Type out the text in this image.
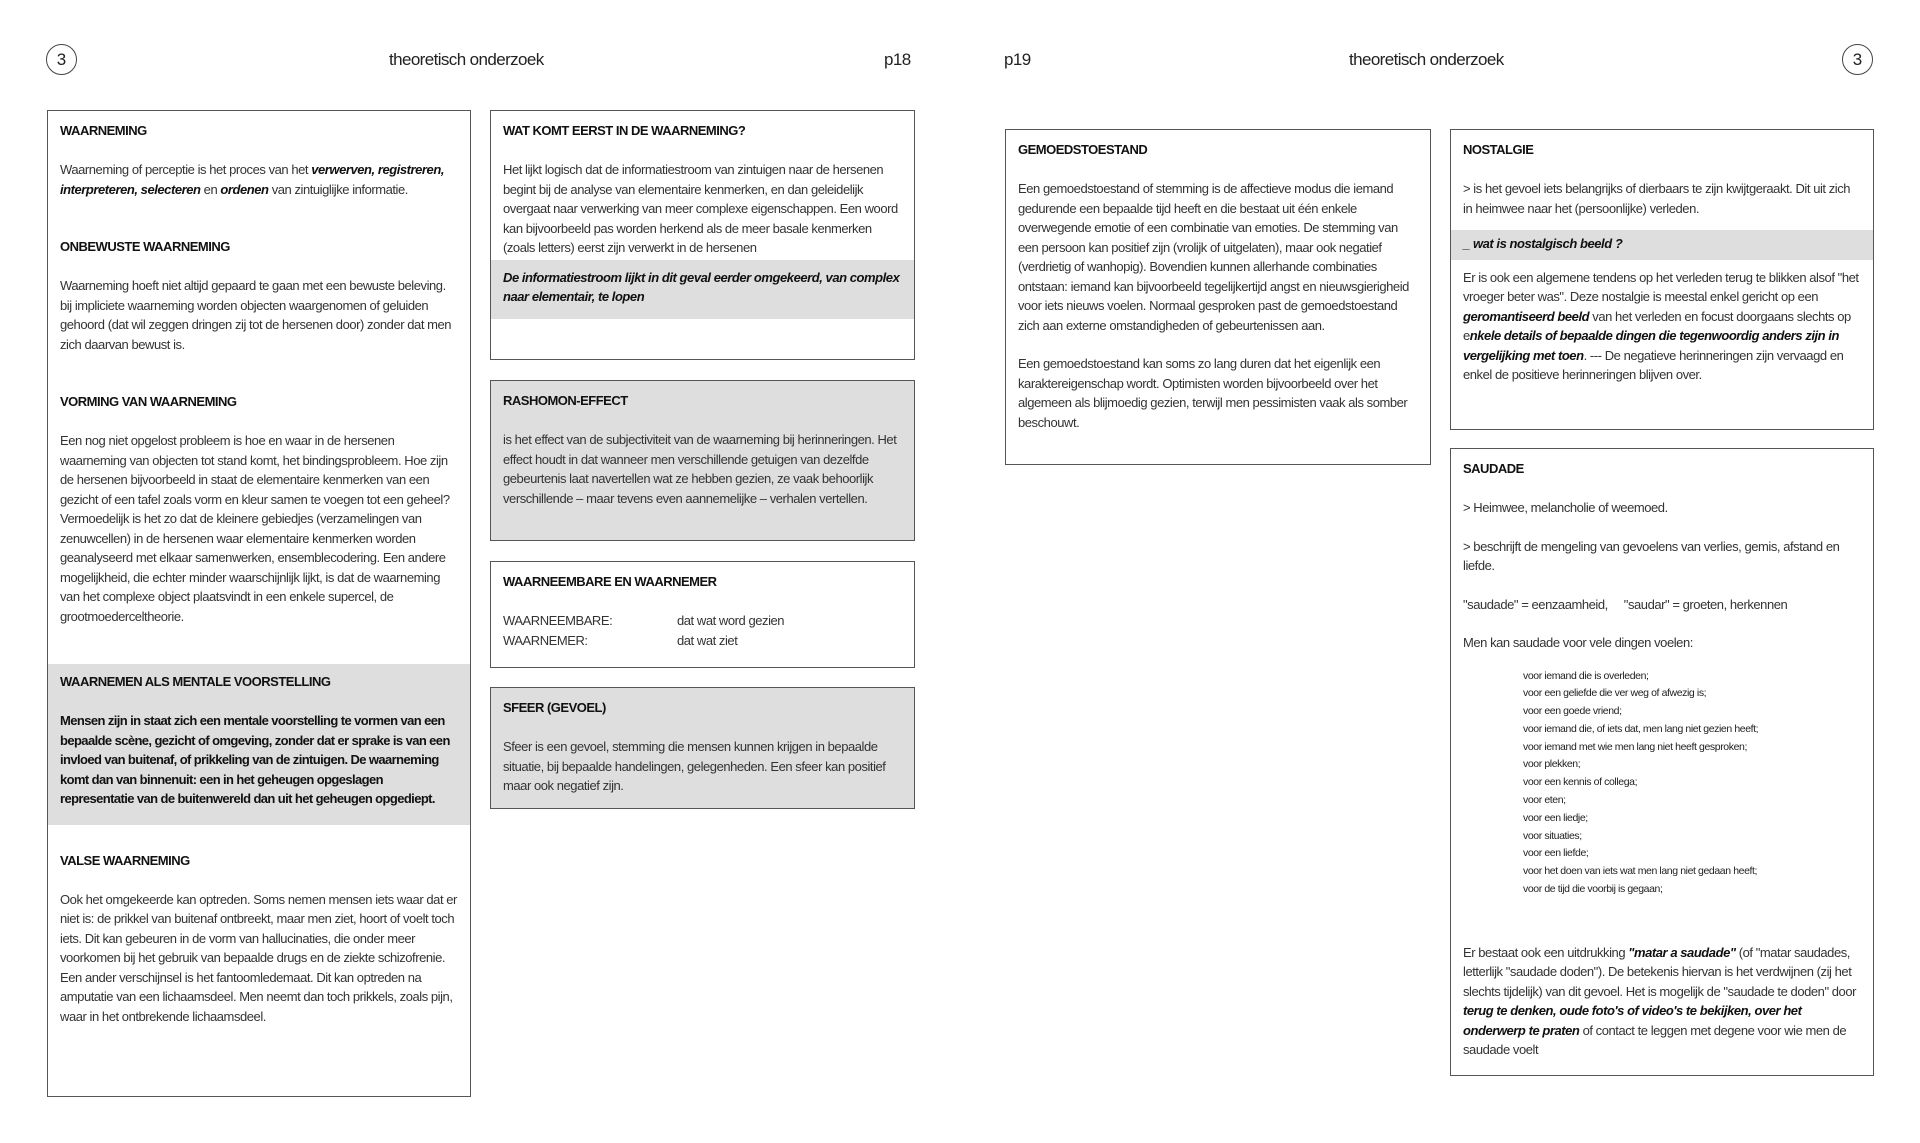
3	theoretisch onderzoek	p18	p19	theoretisch onderzoek	3
WAARNEMING

Waarneming of perceptie is het proces van het verwerven, registreren, interpreteren, selecteren en ordenen van zintuiglijke informatie.

ONBEWUSTE WAARNEMING

Waarneming hoeft niet altijd gepaard te gaan met een bewuste beleving. bij impliciete waarneming worden objecten waargenomen of geluiden gehoord (dat wil zeggen dringen zij tot de hersenen door) zonder dat men zich daarvan bewust is.

VORMING VAN WAARNEMING

Een nog niet opgelost probleem is hoe en waar in de hersenen waarneming van objecten tot stand komt, het bindingsprobleem. Hoe zijn de hersenen bijvoorbeeld in staat de elementaire kenmerken van een gezicht of een tafel zoals vorm en kleur samen te voegen tot een geheel? Vermoedelijk is het zo dat de kleinere gebiedjes (verzamelingen van zenuwcellen) in de hersenen waar elementaire kenmerken worden geanalyseerd met elkaar samenwerken, ensemblecodering. Een andere mogelijkheid, die echter minder waarschijnlijk lijkt, is dat de waarneming van het complexe object plaatsvindt in een enkele supercel, de grootmoederceltheorie.

WAARNEMEN ALS MENTALE VOORSTELLING

Mensen zijn in staat zich een mentale voorstelling te vormen van een bepaalde scène, gezicht of omgeving, zonder dat er sprake is van een invloed van buitenaf, of prikkeling van de zintuigen. De waarneming komt dan van binnenuit: een in het geheugen opgeslagen representatie van de buitenwereld dan uit het geheugen opgediept.

VALSE WAARNEMING

Ook het omgekeerde kan optreden. Soms nemen mensen iets waar dat er niet is: de prikkel van buitenaf ontbreekt, maar men ziet, hoort of voelt toch iets. Dit kan gebeuren in de vorm van hallucinaties, die onder meer voorkomen bij het gebruik van bepaalde drugs en de ziekte schizofrenie. Een ander verschijnsel is het fantoomledemaat. Dit kan optreden na amputatie van een lichaamsdeel. Men neemt dan toch prikkels, zoals pijn, waar in het ontbrekende lichaamsdeel.

WAT KOMT EERST IN DE WAARNEMING?

Het lijkt logisch dat de informatiestroom van zintuigen naar de hersenen begint bij de analyse van elementaire kenmerken, en dan geleidelijk overgaat naar verwerking van meer complexe eigenschappen. Een woord kan bijvoorbeeld pas worden herkend als de meer basale kenmerken (zoals letters) eerst zijn verwerkt in de hersenen

De informatiestroom lijkt in dit geval eerder omgekeerd, van complex naar elementair, te lopen

RASHOMON-EFFECT

is het effect van de subjectiviteit van de waarneming bij herinneringen. Het effect houdt in dat wanneer men verschillende getuigen van dezelfde gebeurtenis laat navertellen wat ze hebben gezien, ze vaak behoorlijk verschillende – maar tevens even aannemelijke – verhalen vertellen.

WAARNEEMBARE EN WAARNEMER
WAARNEEMBARE:	dat wat word gezien
WAARNEMER:	dat wat ziet
SFEER (GEVOEL)

Sfeer is een gevoel, stemming die mensen kunnen krijgen in bepaalde situatie, bij bepaalde handelingen, gelegenheden. Een sfeer kan positief maar ook negatief zijn.

GEMOEDSTOESTAND

Een gemoedstoestand of stemming is de affectieve modus die iemand gedurende een bepaalde tijd heeft en die bestaat uit één enkele overwegende emotie of een combinatie van emoties. De stemming van een persoon kan positief zijn (vrolijk of uitgelaten), maar ook negatief (verdrietig of wanhopig). Bovendien kunnen allerhande combinaties ontstaan: iemand kan bijvoorbeeld tegelijkertijd angst en nieuwsgierigheid voor iets nieuws voelen. Normaal gesproken past de gemoedstoestand zich aan externe omstandigheden of gebeurtenissen aan.

Een gemoedstoestand kan soms zo lang duren dat het eigenlijk een karaktereigenschap wordt. Optimisten worden bijvoorbeeld over het algemeen als blijmoedig gezien, terwijl men pessimisten vaak als somber beschouwt.

NOSTALGIE

> is het gevoel iets belangrijks of dierbaars te zijn kwijtgeraakt. Dit uit zich in heimwee naar het (persoonlijke) verleden.

_ wat is nostalgisch beeld ?

Er is ook een algemene tendens op het verleden terug te blikken alsof "het vroeger beter was". Deze nostalgie is meestal enkel gericht op een geromantiseerd beeld van het verleden en focust doorgaans slechts op enkele details of bepaalde dingen die tegenwoordig anders zijn in vergelijking met toen. --- De negatieve herinneringen zijn vervaagd en enkel de positieve herinneringen blijven over.

SAUDADE

> Heimwee, melancholie of weemoed.

> beschrijft de mengeling van gevoelens van verlies, gemis, afstand en liefde.

"saudade" = eenzaamheid, "saudar" = groeten, herkennen

Men kan saudade voor vele dingen voelen:

voor iemand die is overleden;
voor een geliefde die ver weg of afwezig is;
voor een goede vriend;
voor iemand die, of iets dat, men lang niet gezien heeft;
voor iemand met wie men lang niet heeft gesproken;
voor plekken;
voor een kennis of collega;
voor eten;
voor een liedje;
voor situaties;
voor een liefde;
voor het doen van iets wat men lang niet gedaan heeft;
voor de tijd die voorbij is gegaan;

Er bestaat ook een uitdrukking "matar a saudade" (of "matar saudades, letterlijk "saudade doden"). De betekenis hiervan is het verdwijnen (zij het slechts tijdelijk) van dit gevoel. Het is mogelijk de "saudade te doden" door terug te denken, oude foto's of video's te bekijken, over het onderwerp te praten of contact te leggen met degene voor wie men de saudade voelt
